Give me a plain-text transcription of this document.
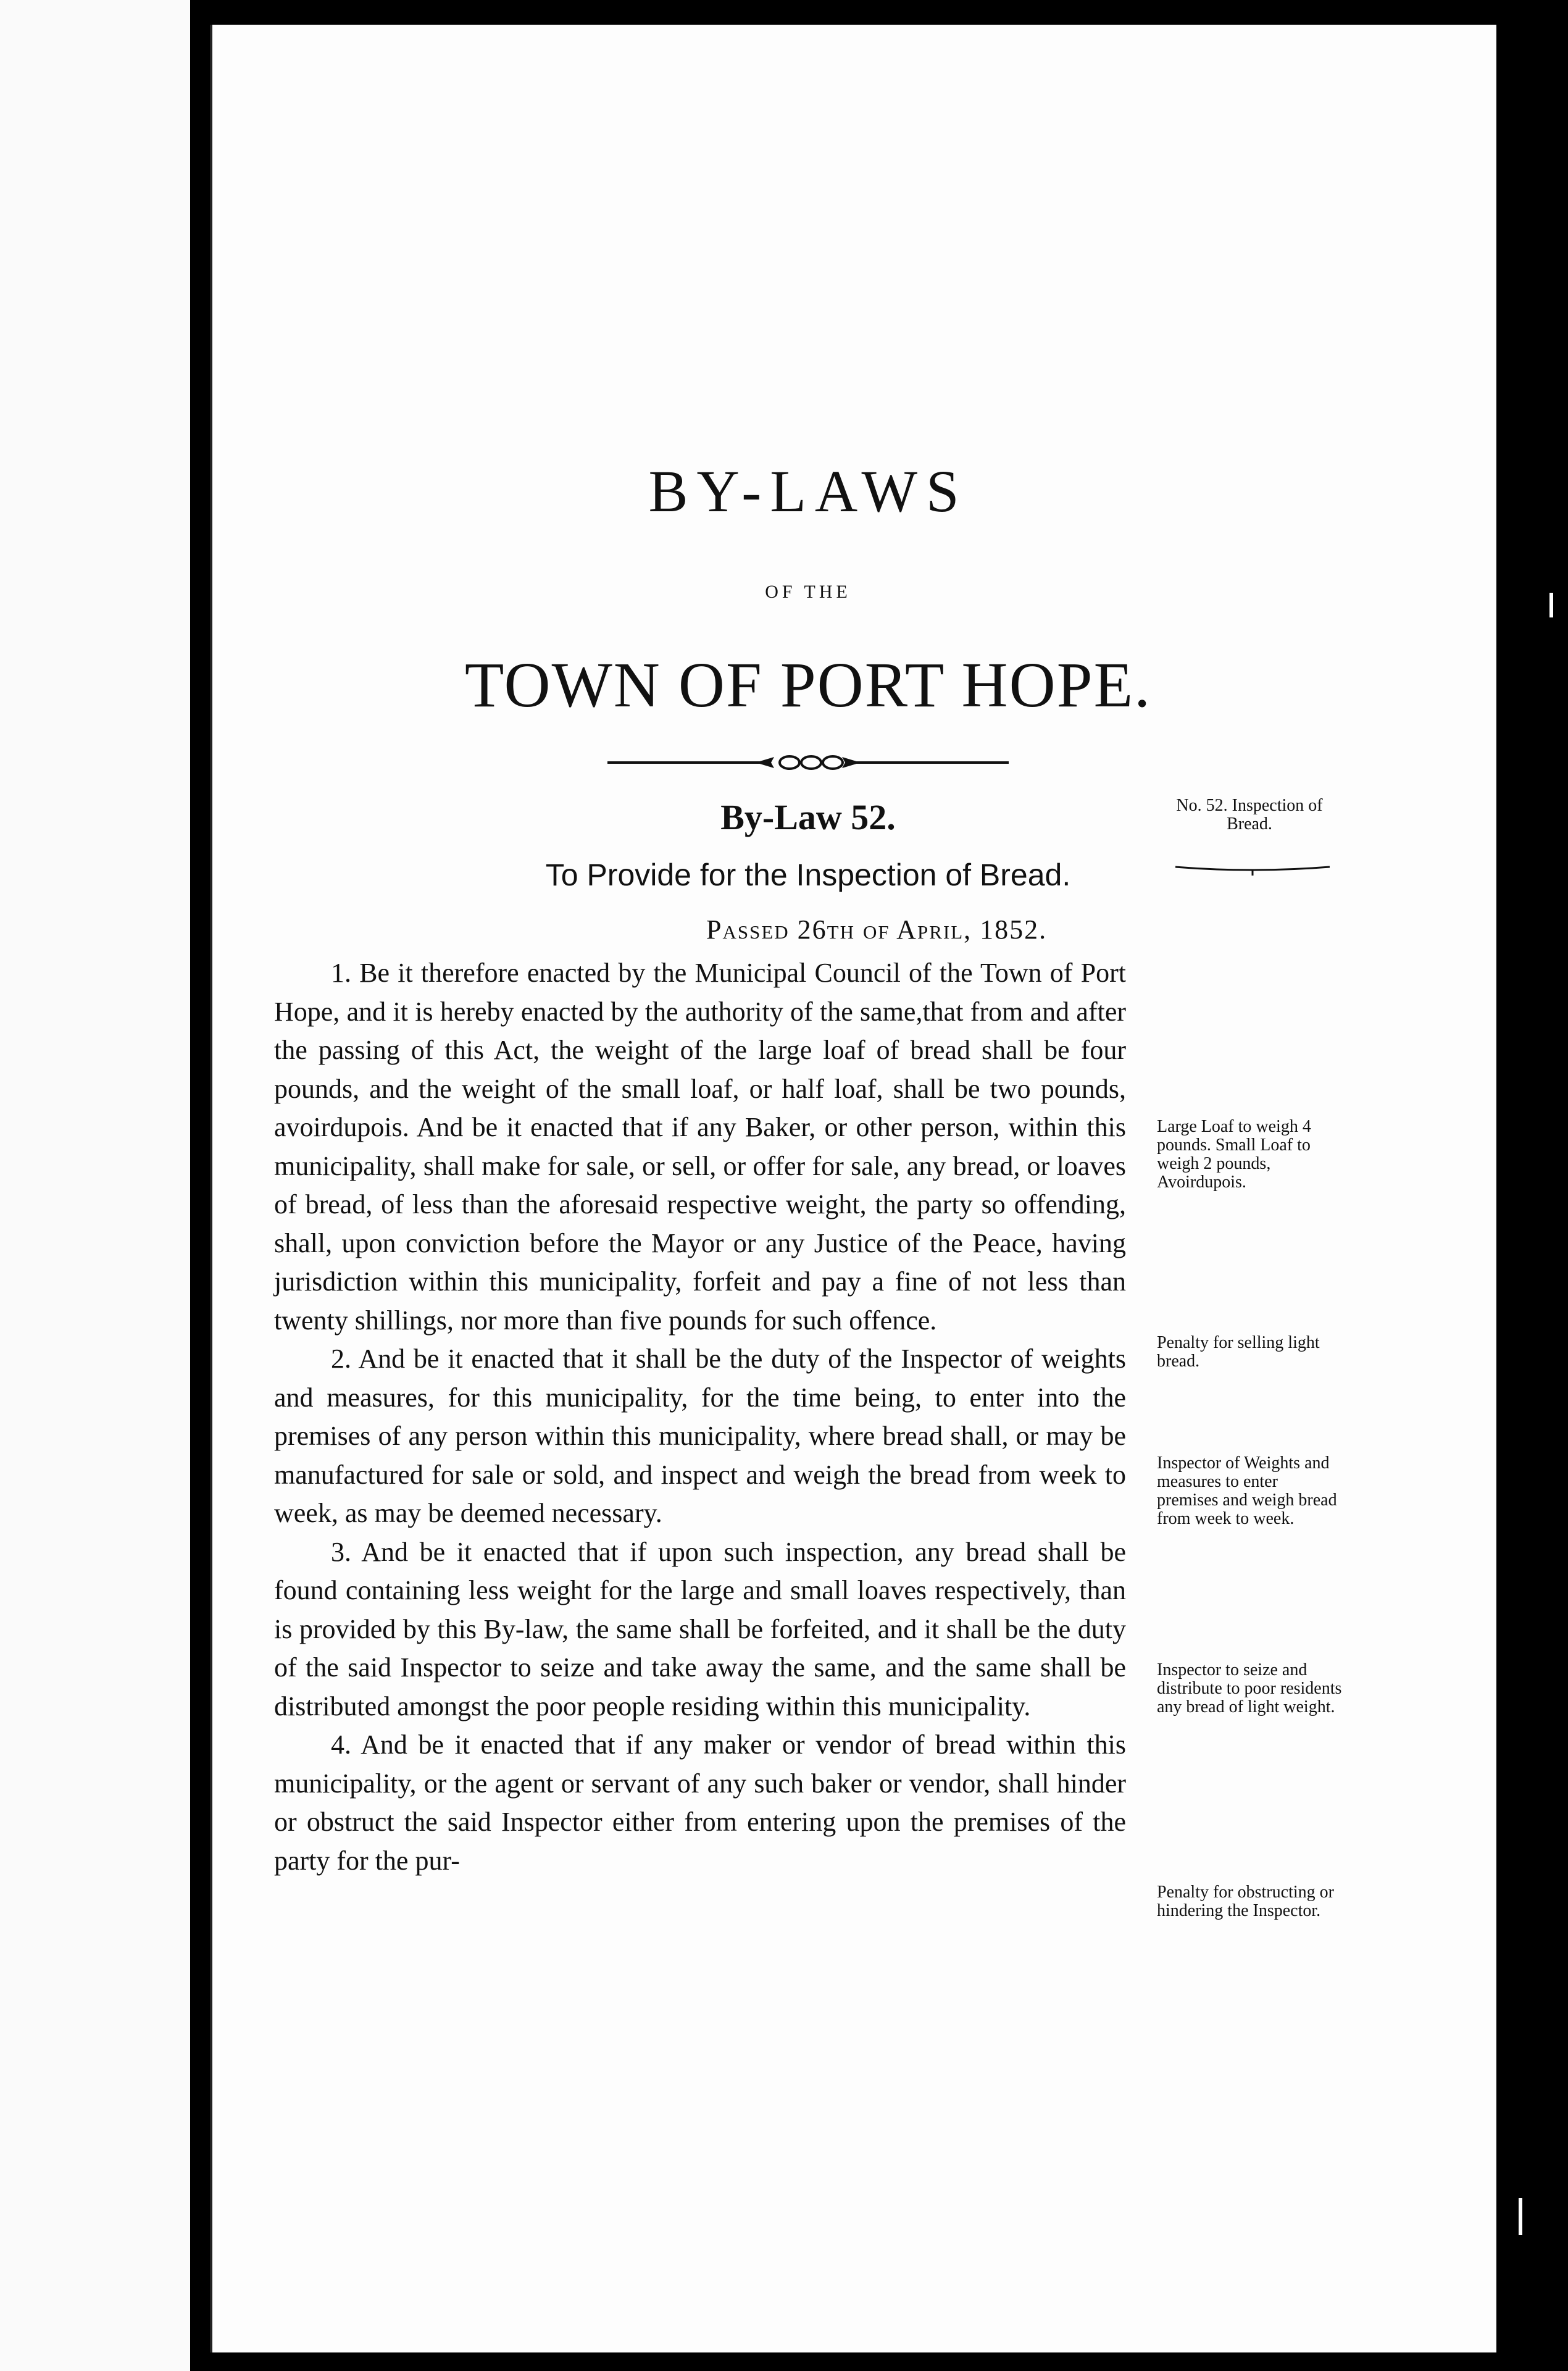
BY-LAWS
OF THE
TOWN OF PORT HOPE.
By-Law 52.
To Provide for the Inspection of Bread.
Passed 26th of April, 1852.
No. 52. Inspection of Bread.
Large Loaf to weigh 4 pounds. Small Loaf to weigh 2 pounds, Avoirdupois.
Penalty for selling light bread.
Inspector of Weights and measures to enter premises and weigh bread from week to week.
Inspector to seize and distribute to poor residents any bread of light weight.
Penalty for obstructing or hindering the Inspector.

1. Be it therefore enacted by the Municipal Council of the Town of Port Hope, and it is hereby enacted by the authority of the same,that from and after the passing of this Act, the weight of the large loaf of bread shall be four pounds, and the weight of the small loaf, or half loaf, shall be two pounds, avoirdupois. And be it enacted that if any Baker, or other person, within this municipality, shall make for sale, or sell, or offer for sale, any bread, or loaves of bread, of less than the aforesaid respective weight, the party so offending, shall, upon conviction before the Mayor or any Justice of the Peace, having jurisdiction within this municipality, forfeit and pay a fine of not less than twenty shillings, nor more than five pounds for such offence.

2. And be it enacted that it shall be the duty of the Inspector of weights and measures, for this municipality, for the time being, to enter into the premises of any person within this municipality, where bread shall, or may be manufactured for sale or sold, and inspect and weigh the bread from week to week, as may be deemed necessary.

3. And be it enacted that if upon such inspection, any bread shall be found containing less weight for the large and small loaves respectively, than is provided by this By-law, the same shall be forfeited, and it shall be the duty of the said Inspector to seize and take away the same, and the same shall be distributed amongst the poor people residing within this municipality.

4. And be it enacted that if any maker or vendor of bread within this municipality, or the agent or servant of any such baker or vendor, shall hinder or obstruct the said Inspector either from entering upon the premises of the party for the pur-
